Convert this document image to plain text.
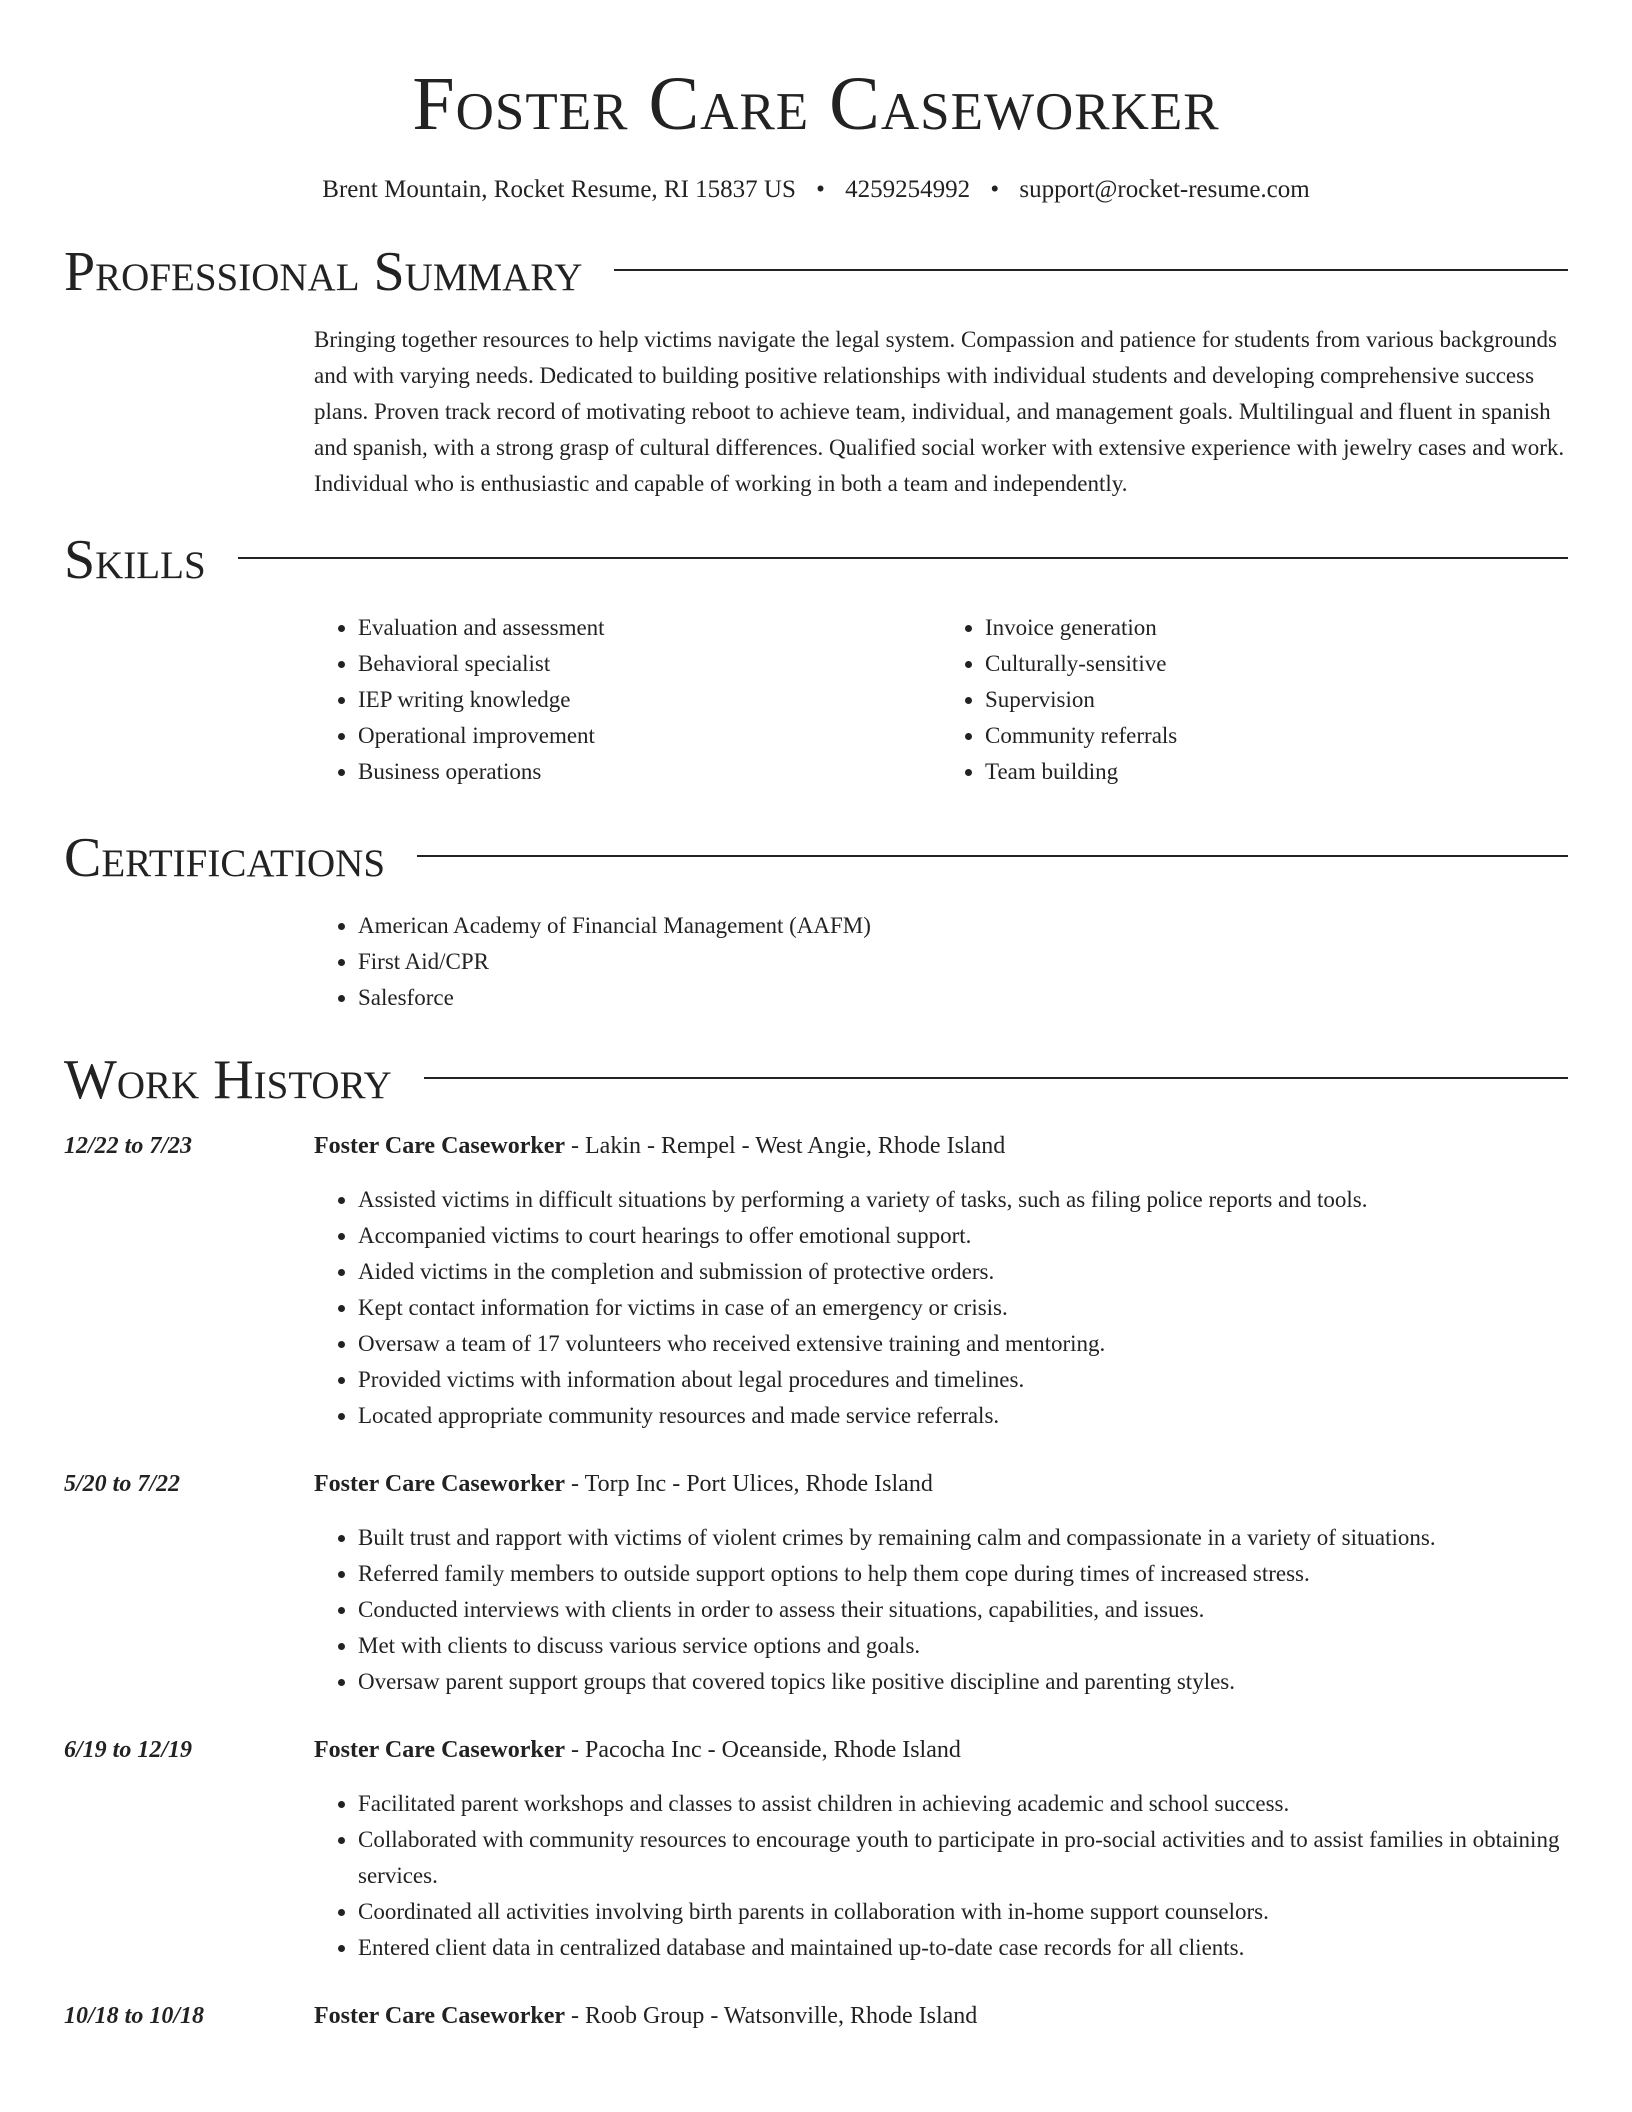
Foster Care Caseworker
Brent Mountain, Rocket Resume, RI 15837 US • 4259254992 • support@rocket-resume.com
Professional Summary

Bringing together resources to help victims navigate the legal system. Compassion and patience for students from various backgrounds and with varying needs. Dedicated to building positive relationships with individual students and developing comprehensive success plans. Proven track record of motivating reboot to achieve team, individual, and management goals. Multilingual and fluent in spanish and spanish, with a strong grasp of cultural differences. Qualified social worker with extensive experience with jewelry cases and work. Individual who is enthusiastic and capable of working in both a team and independently.

Skills
• Evaluation and assessment
• Behavioral specialist
• IEP writing knowledge
• Operational improvement
• Business operations
• Invoice generation
• Culturally-sensitive
• Supervision
• Community referrals
• Team building
Certifications
• American Academy of Financial Management (AAFM)
• First Aid/CPR
• Salesforce
Work History
12/22 to 7/23	Foster Care Caseworker - Lakin - Rempel - West Angie, Rhode Island
• Assisted victims in difficult situations by performing a variety of tasks, such as filing police reports and tools.
• Accompanied victims to court hearings to offer emotional support.
• Aided victims in the completion and submission of protective orders.
• Kept contact information for victims in case of an emergency or crisis.
• Oversaw a team of 17 volunteers who received extensive training and mentoring.
• Provided victims with information about legal procedures and timelines.
• Located appropriate community resources and made service referrals.
5/20 to 7/22	Foster Care Caseworker - Torp Inc - Port Ulices, Rhode Island
• Built trust and rapport with victims of violent crimes by remaining calm and compassionate in a variety of situations.
• Referred family members to outside support options to help them cope during times of increased stress.
• Conducted interviews with clients in order to assess their situations, capabilities, and issues.
• Met with clients to discuss various service options and goals.
• Oversaw parent support groups that covered topics like positive discipline and parenting styles.
6/19 to 12/19	Foster Care Caseworker - Pacocha Inc - Oceanside, Rhode Island
• Facilitated parent workshops and classes to assist children in achieving academic and school success.
• Collaborated with community resources to encourage youth to participate in pro-social activities and to assist families in obtaining services.
• Coordinated all activities involving birth parents in collaboration with in-home support counselors.
• Entered client data in centralized database and maintained up-to-date case records for all clients.
10/18 to 10/18	Foster Care Caseworker - Roob Group - Watsonville, Rhode Island
